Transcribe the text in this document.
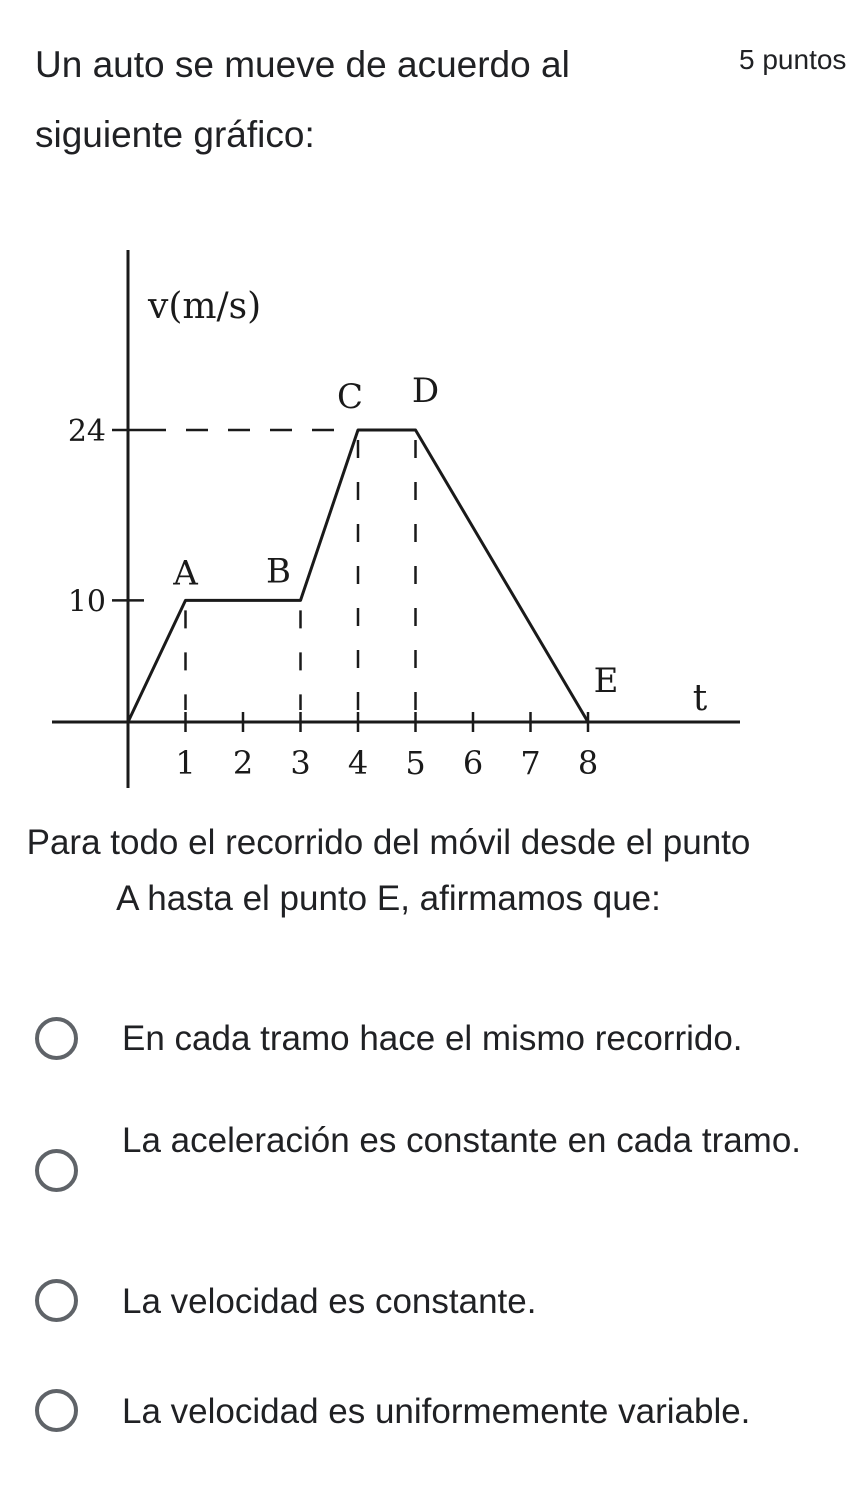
Un auto se mueve de acuerdo al siguiente gráfico:
5 puntos
1 2 3 4 5 6 7 8
10
24
A B
C D
E
v(m/s)
t
Para todo el recorrido del móvil desde el punto A hasta el punto E, afirmamos que:
En cada tramo hace el mismo recorrido.
La aceleración es constante en cada tramo.
La velocidad es constante.
La velocidad es uniformemente variable.
